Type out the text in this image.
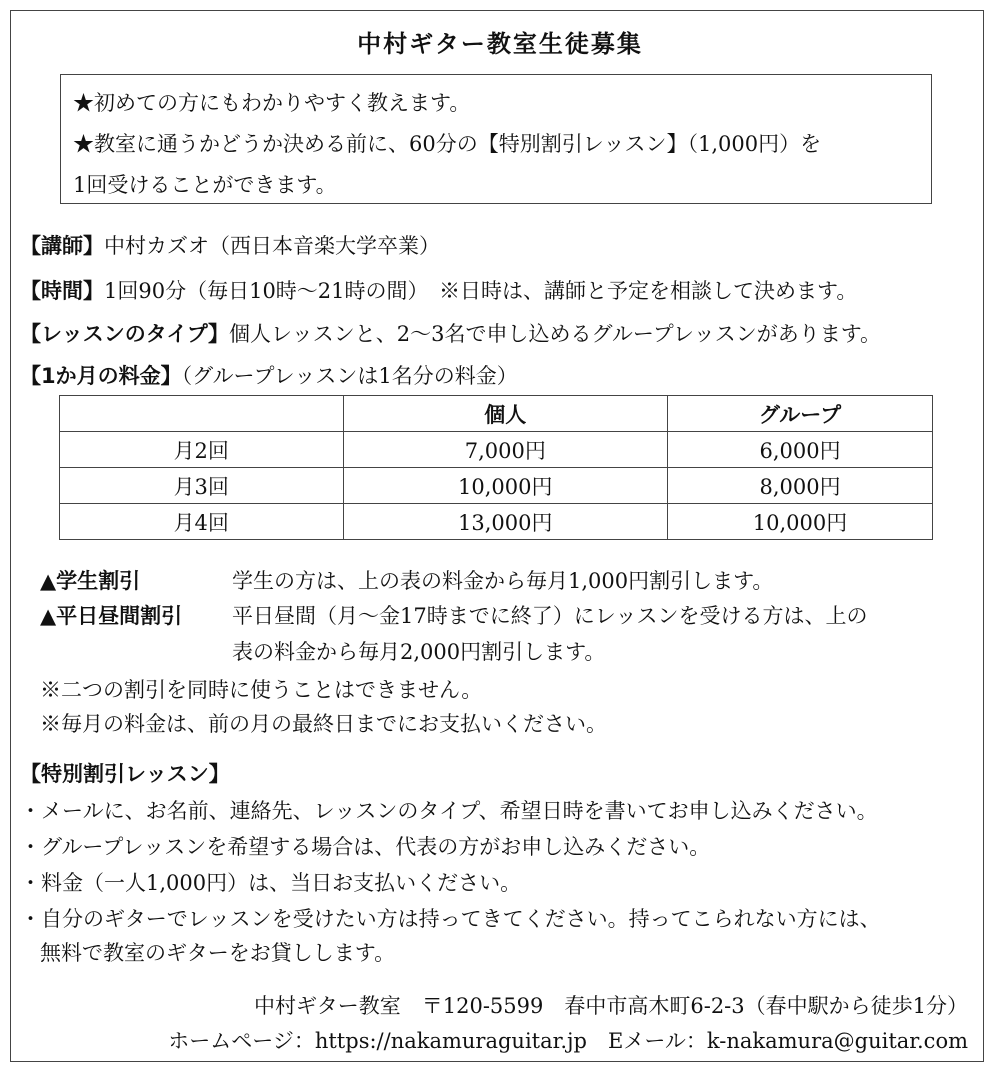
中村ギター教室生徒募集
★初めての方にもわかりやすく教えます。
★教室に通うかどうか決める前に、60分の【特別割引レッスン】（1,000円）を
1回受けることができます。
【講師】中村カズオ（西日本音楽大学卒業）
【時間】1回90分（毎日10時～21時の間）　※日時は、講師と予定を相談して決めます。
【レッスンのタイプ】個人レッスンと、2～3名で申し込めるグループレッスンがあります。
【1か月の料金】（グループレッスンは1名分の料金）
	個人	グループ
月2回	7,000円	6,000円
月3回	10,000円	8,000円
月4回	13,000円	10,000円
▲学生割引	学生の方は、上の表の料金から毎月1,000円割引します。
▲平日昼間割引 平日昼間（月～金17時までに終了）にレッスンを受ける方は、上の
表の料金から毎月2,000円割引します。
※二つの割引を同時に使うことはできません。
※毎月の料金は、前の月の最終日までにお支払いください。
【特別割引レッスン】
・メールに、お名前、連絡先、レッスンのタイプ、希望日時を書いてお申し込みください。
・グループレッスンを希望する場合は、代表の方がお申し込みください。
・料金（一人1,000円）は、当日お支払いください。
・自分のギターでレッスンを受けたい方は持ってきてください。持ってこられない方には、
無料で教室のギターをお貸しします。
中村ギター教室　〒120-5599　春中市高木町6-2-3（春中駅から徒歩1分）
ホームページ：https://nakamuraguitar.jp　Eメール：k-nakamura@guitar.com
